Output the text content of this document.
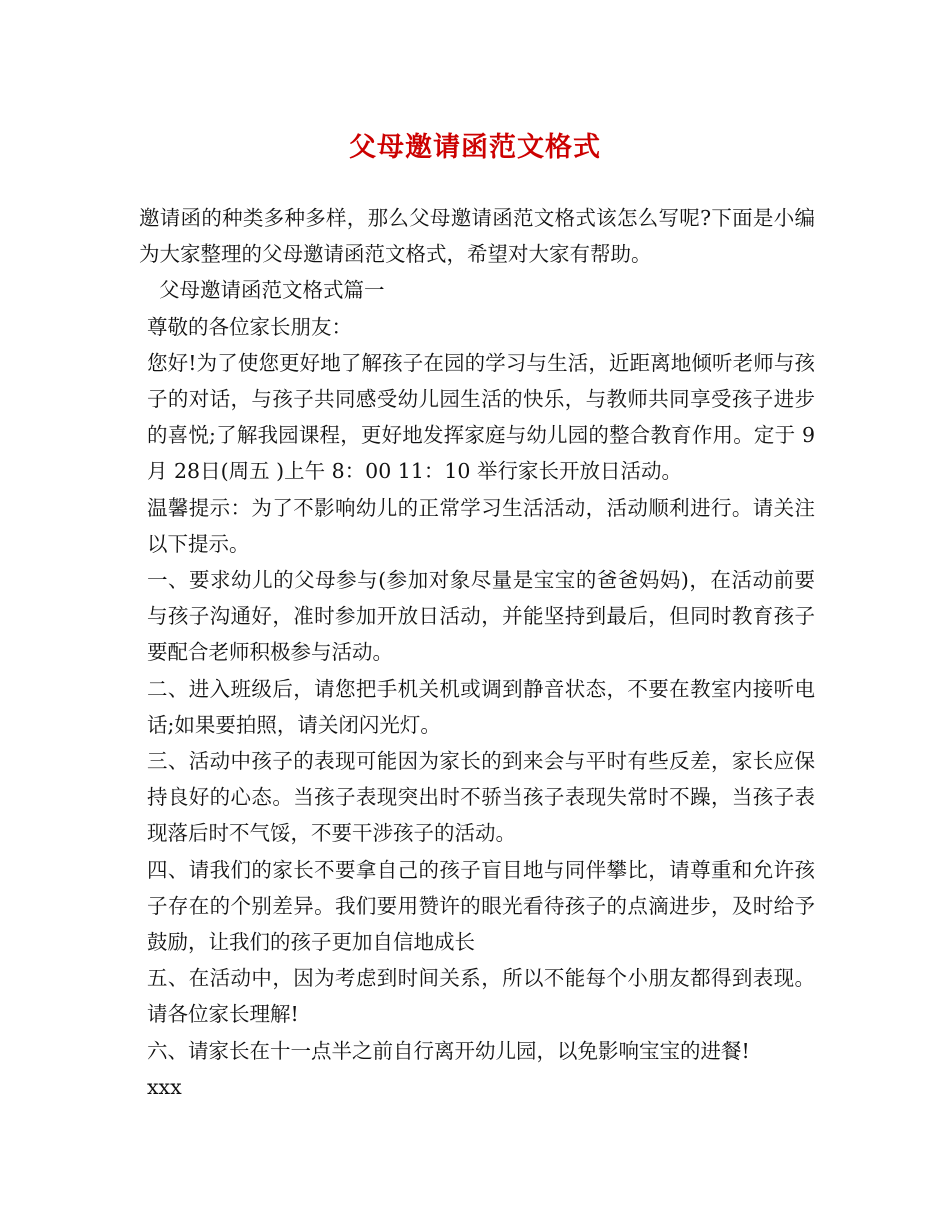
父母邀请函范文格式

邀请函的种类多种多样，那么父母邀请函范文格式该怎么写呢?下面是小编为大家整理的父母邀请函范文格式，希望对大家有帮助。

父母邀请函范文格式篇一

尊敬的各位家长朋友：

您好!为了使您更好地了解孩子在园的学习与生活，近距离地倾听老师与孩子的对话，与孩子共同感受幼儿园生活的快乐，与教师共同享受孩子进步的喜悦;了解我园课程，更好地发挥家庭与幼儿园的整合教育作用。定于 9月 28日(周五 )上午 8：00 11：10 举行家长开放日活动。

温馨提示：为了不影响幼儿的正常学习生活活动，活动顺利进行。请关注以下提示。

一、要求幼儿的父母参与(参加对象尽量是宝宝的爸爸妈妈)，在活动前要与孩子沟通好，准时参加开放日活动，并能坚持到最后，但同时教育孩子要配合老师积极参与活动。

二、进入班级后，请您把手机关机或调到静音状态，不要在教室内接听电话;如果要拍照，请关闭闪光灯。

三、活动中孩子的表现可能因为家长的到来会与平时有些反差，家长应保持良好的心态。当孩子表现突出时不骄当孩子表现失常时不躁，当孩子表现落后时不气馁，不要干涉孩子的活动。

四、请我们的家长不要拿自己的孩子盲目地与同伴攀比，请尊重和允许孩子存在的个别差异。我们要用赞许的眼光看待孩子的点滴进步，及时给予鼓励，让我们的孩子更加自信地成长

五、在活动中，因为考虑到时间关系，所以不能每个小朋友都得到表现。请各位家长理解!

六、请家长在十一点半之前自行离开幼儿园，以免影响宝宝的进餐!

xxx
